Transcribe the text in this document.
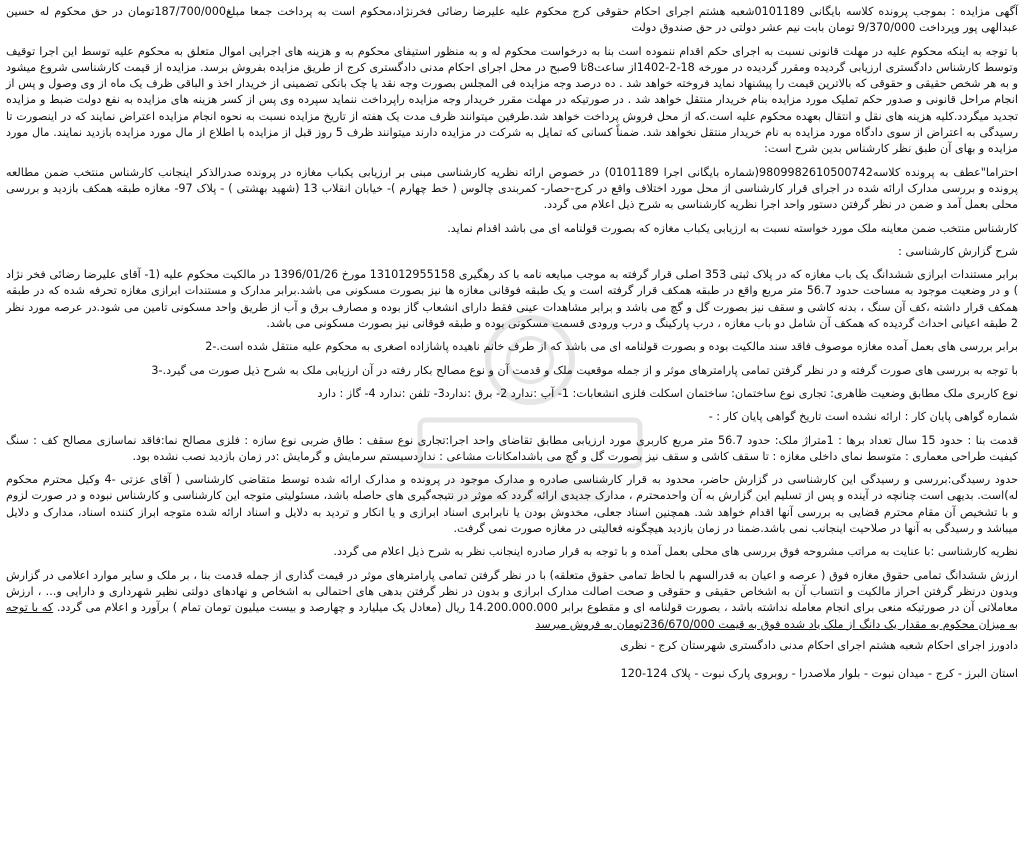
آگهی مزایده : بموجب پرونده کلاسه بایگانی 0101189شعبه هشتم اجرای احکام حقوقی کرج محکوم علیه علیرضا رضائی فخرنژاد،محکوم است به پرداخت جمعا مبلغ187/700/000تومان در حق محکوم له حسین عبدالهی پور وپرداخت 9/370/000 تومان بابت نیم عشر دولتی در حق صندوق دولت

با توجه به اینکه محکوم علیه در مهلت قانونی نسبت به اجرای حکم اقدام ننموده است بنا به درخواست محکوم له و به منظور استیفای محکوم به و هزینه های اجرایی اموال متعلق به محکوم علیه توسط این اجرا توقیف وتوسط کارشناس دادگستری ارزیابی گردیده ومقرر گردیده در مورخه 18-2-1402از ساعت8تا 9صبح در محل اجرای احکام مدنی دادگستری کرج از طریق مزایده بفروش برسد. مزایده از قیمت کارشناسی شروع میشود و به هر شخص حقیقی و حقوقی که بالاترین قیمت را پیشنهاد نماید فروخته خواهد شد . ده درصد وجه مزایده فی المجلس بصورت وجه نقد یا چک بانکی تضمینی از خریدار اخذ و الباقی ظرف یک ماه از وی وصول و پس از انجام مراحل قانونی و صدور حکم تملیک مورد مزایده بنام خریدار منتقل خواهد شد . در صورتیکه در مهلت مقرر خریدار وجه مزایده راپرداخت ننماید سپرده وی پس از کسر هزینه های مزایده به نفع دولت ضبط و مزایده تجدید میگردد.کلیه هزینه های نقل و انتقال بعهده محکوم علیه است.که از محل فروش پرداخت خواهد شد.طرفین میتوانند ظرف مدت یک هفته از تاریخ مزایده نسبت به نحوه انجام مزایده اعتراض نمایند که در اینصورت تا رسیدگی به اعتراض از سوی دادگاه مورد مزایده به نام خریدار منتقل نخواهد شد. ضمناً کسانی که تمایل به شرکت در مزایده دارند میتوانند ظرف 5 روز قبل از مزایده با اطلاع از مال مورد مزایده بازدید نمایند. مال مورد مزایده و بهای آن طبق نظر کارشناس بدین شرح است:

احتراما"عطف به پرونده کلاسه9809982610500742(شماره بایگانی اجرا 0101189) در خصوص ارائه نظریه کارشناسی مبنی بر ارزیابی یکباب مغازه در پرونده صدرالذکر اینجانب کارشناس منتخب ضمن مطالعه پرونده و بررسی مدارک ارائه شده در اجرای قرار کارشناسی از محل مورد اختلاف واقع در کرج-حصار- کمربندی چالوس ( خط چهارم )- خیابان انقلاب 13 (شهید بهشتی ) - پلاک 97- مغازه طبقه همکف بازدید و بررسی محلی بعمل آمد و ضمن در نظر گرفتن دستور واحد اجرا نظریه کارشناسی به شرح ذیل اعلام می گردد.

کارشناس منتخب ضمن معاینه ملک مورد خواسته نسبت به ارزیابی یکباب مغازه که بصورت قولنامه ای می باشد اقدام نماید.

شرح گزارش کارشناسی :

برابر مستندات ابرازی ششدانگ یک باب مغازه که در پلاک ثبتی 353 اصلی قرار گرفته به موجب مبایعه نامه با کد رهگیری 131012955158 مورخ 1396/01/26 در مالکیت محکوم علیه (1- آقای علیرضا رضائی فخر نژاد ) و در وضعیت موجود به مساحت حدود 56.7 متر مربع واقع در طبقه همکف قرار گرفته است و یک طبقه فوقانی مغازه ها نیز بصورت مسکونی می باشد.برابر مدارک و مستندات ابرازی مغازه تحرفه شده که در طبقه همکف قرار داشته ،کف آن سنگ ، بدنه کاشی و سقف نیز بصورت گل و گچ می باشد و برابر مشاهدات عینی فقط دارای انشعاب گاز بوده و مصارف برق و آب از طریق واحد مسکونی تامین می شود.در عرصه مورد نظر 2 طبقه اعیانی احداث گردیده که همکف آن شامل دو باب مغازه ، درب پارکینگ و درب ورودی قسمت مسکونی بوده و طبقه فوقانی نیز بصورت مسکونی می باشد.

برابر بررسی های بعمل آمده مغازه موصوف فاقد سند مالکیت بوده و بصورت قولنامه ای می باشد که از طرف خانم ناهیده پاشازاده اصغری به محکوم علیه منتقل شده است.-2

با توجه به بررسی های صورت گرفته و در نظر گرفتن تمامی پارامترهای موثر و از جمله موقعیت ملک و قدمت آن و نوع مصالح بکار رفته در آن ارزیابی ملک به شرح ذیل صورت می گیرد.-3

نوع کاربری ملک مطابق وضعیت ظاهری: تجاری نوع ساختمان: ساختمان اسکلت فلزی انشعابات: 1- آب :ندارد 2- برق :ندارد3- تلفن :ندارد 4- گاز : دارد

شماره گواهی پایان کار : ارائه نشده است تاریخ گواهی پایان کار : -

قدمت بنا : حدود 15 سال تعداد برها : 1متراژ ملک: حدود 56.7 متر مربع کاربری مورد ارزیابی مطابق تقاضای واحد اجرا:تجاری نوع سقف : طاق ضربی نوع سازه : فلزی مصالح نما:فاقد نماسازی مصالح کف : سنگ کیفیت طراحی معماری : متوسط نمای داخلی مغازه : تا سقف کاشی و سقف نیز بصورت گل و گچ می باشدامکانات مشاعی : نداردسیستم سرمایش و گرمایش :در زمان بازدید نصب نشده بود.

حدود رسیدگی:بررسی و رسیدگی این کارشناسی در گزارش حاضر، محدود به قرار کارشناسی صادره و مدارک موجود در پرونده و مدارک ارائه شده توسط متقاضی کارشناسی ( آقای عزتی -4 وکیل محترم محکوم له)است. بدیهی است چنانچه در آینده و پس از تسلیم این گزارش به آن واحدمحترم ، مدارک جدیدی ارائه گردد که موثر در نتیجه‌گیری های حاصله باشد، مسئولیتی متوجه این کارشناسی و کارشناس نبوده و در صورت لزوم و با تشخیص آن مقام محترم قضایی به بررسی آنها اقدام خواهد شد. همچنین اسناد جعلی، مخدوش بودن یا نابرابری اسناد ابرازی و یا انکار و تردید به دلایل و اسناد ارائه شده متوجه ابراز کننده اسناد، مدارک و دلایل میباشد و رسیدگی به آنها در صلاحیت اینجانب نمی باشد.ضمنا در زمان بازدید هیچگونه فعالیتی در مغازه صورت نمی گرفت.

نظریه کارشناسی :با عنایت به مراتب مشروحه فوق بررسی های محلی بعمل آمده و با توجه به قرار صادره اینجانب نظر به شرح ذیل اعلام می گردد.

ارزش ششدانگ تمامی حقوق مغازه فوق ( عرصه و اعیان به قدرالسهم با لحاظ تمامی حقوق متعلقه) با در نظر گرفتن تمامی پارامترهای موثر در قیمت گذاری از جمله قدمت بنا ، بر ملک و سایر موارد اعلامی در گزارش وبدون درنظر گرفتن احراز مالکیت و انتساب آن به اشخاص حقیقی و حقوقی و صحت اصالت مدارک ابرازی و بدون در نظر گرفتن بدهی های احتمالی به اشخاص و نهادهای دولتی نظیر شهرداری و دارایی و... ، ارزش معاملاتی آن در صورتیکه منعی برای انجام معامله نداشته باشد ، بصورت قولنامه ای و مقطوع برابر 14.200.000.000 ریال (معادل یک میلیارد و چهارصد و بیست میلیون تومان تمام ) برآورد و اعلام می گردد. که با توجه به میزان محکوم به مقدار یک دانگ از ملک یاد شده فوق به قیمت 236/670/000تومان به فروش میرسد

دادورز اجرای احکام شعبه هشتم اجرای احکام مدنی دادگستری شهرستان کرج - نظری
استان البرز - کرج - میدان نبوت - بلوار ملاصدرا - روبروی پارک نبوت - پلاک 124-120
